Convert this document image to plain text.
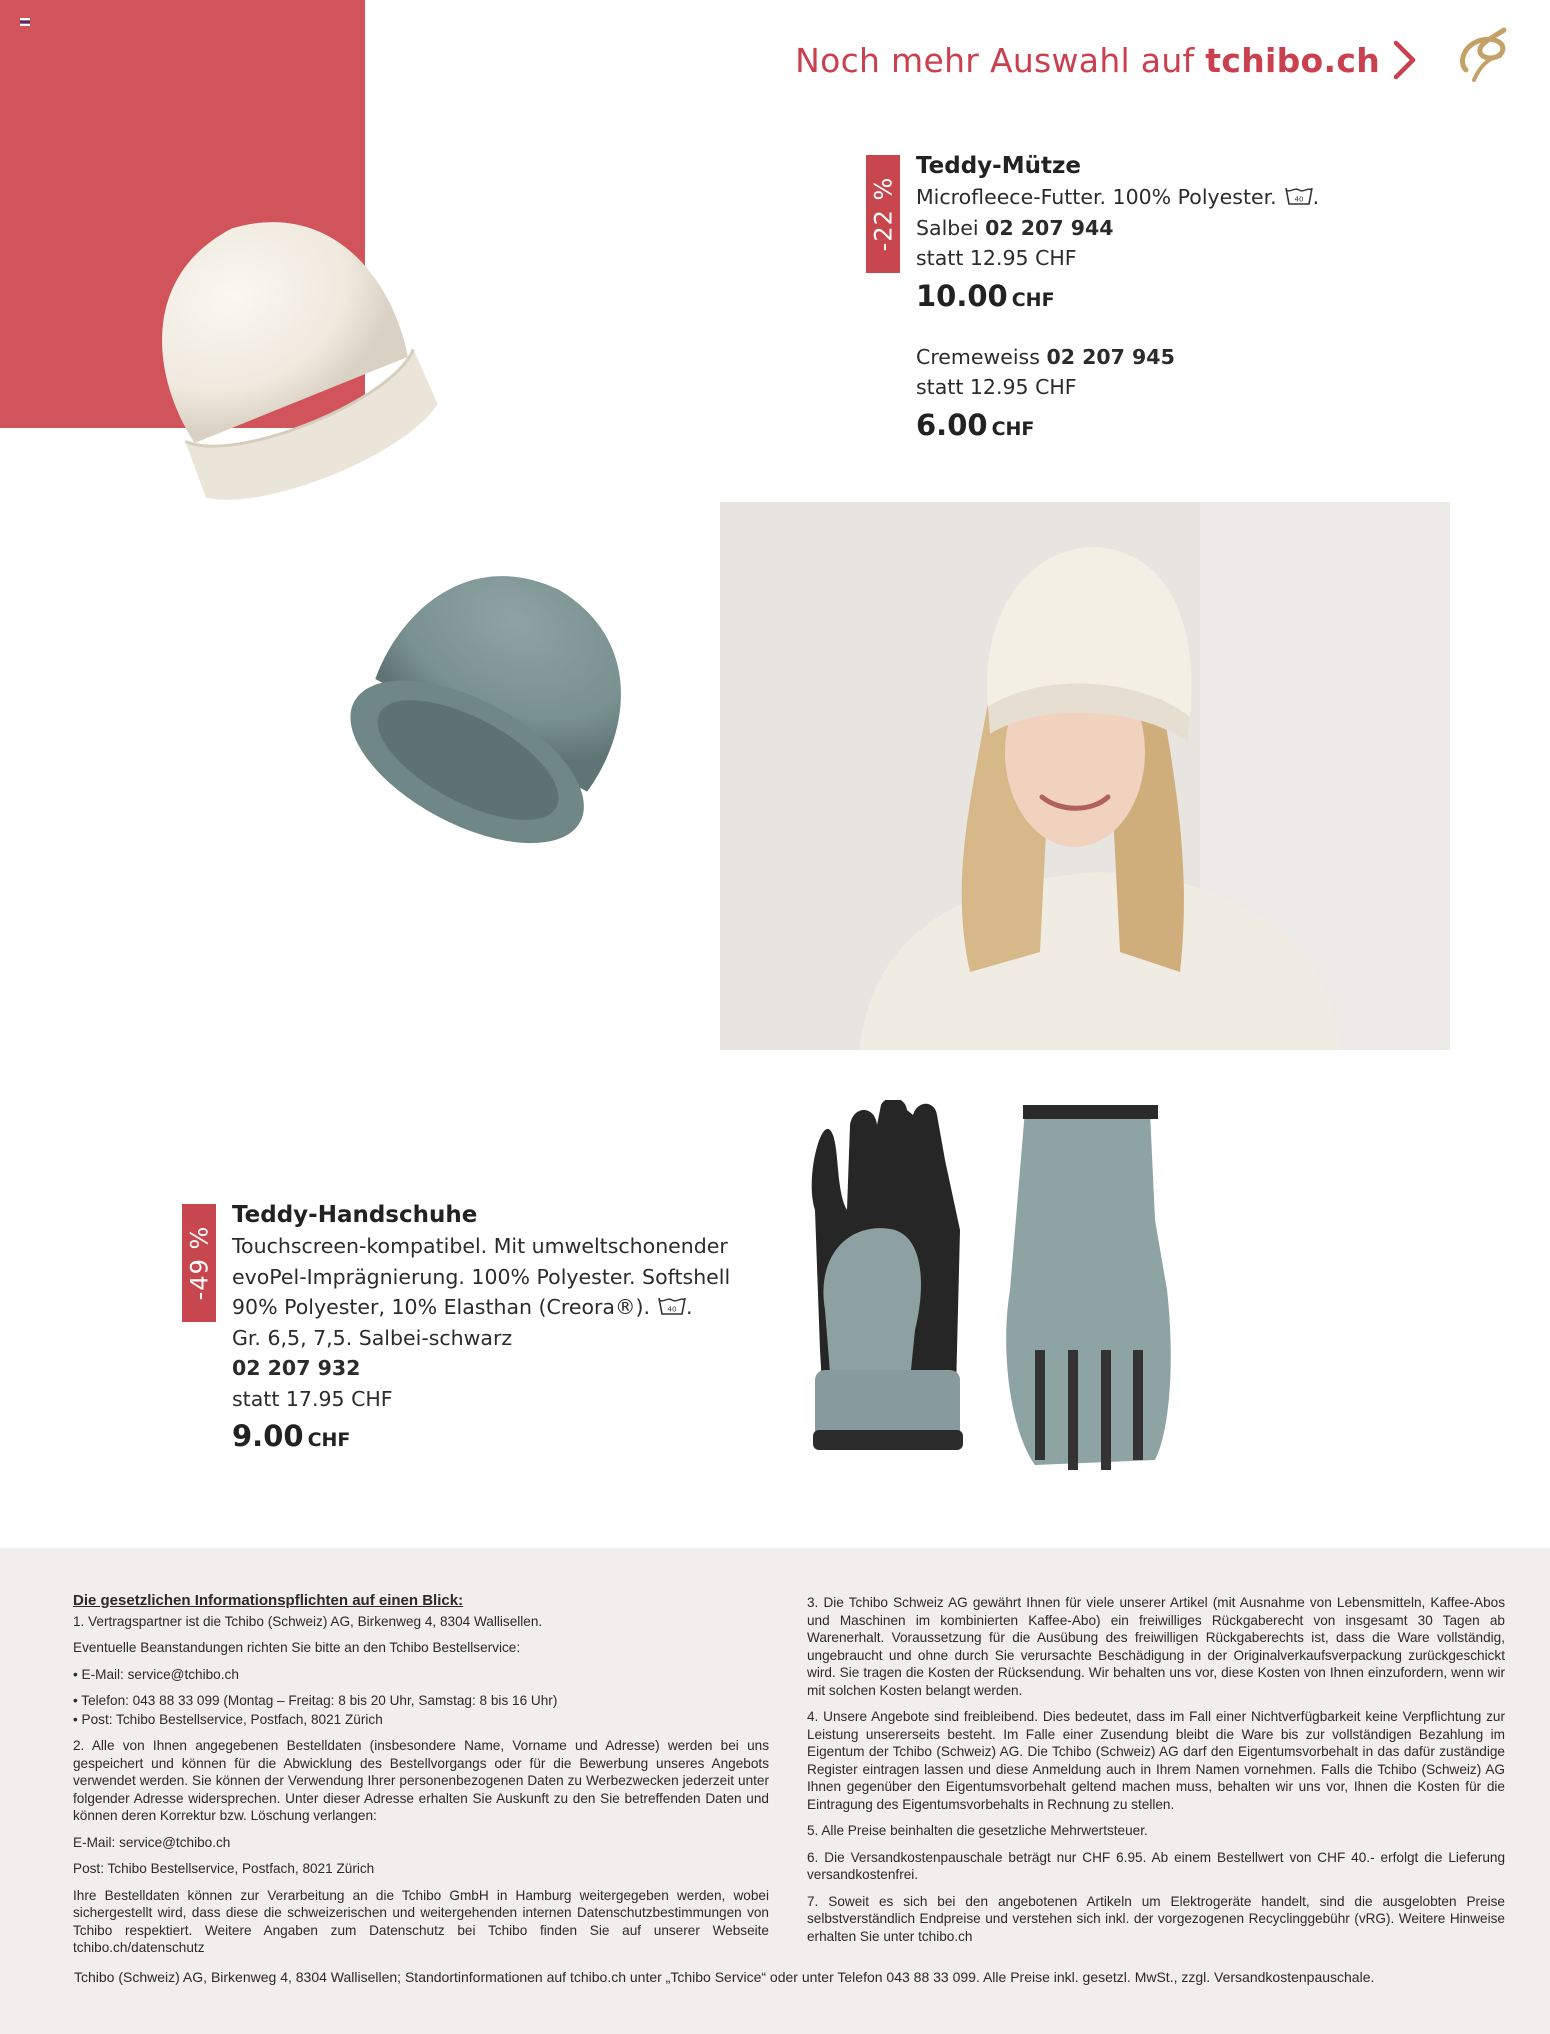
Noch mehr Auswahl auf tchibo.ch
-22 %
Teddy-Mütze
Microfleece-Futter. 100% Polyester.	40 .
Salbei 02 207 944
statt 12.95 CHF
10.00 CHF
Cremeweiss 02 207 945
statt 12.95 CHF
6.00 CHF
-49 %
Teddy-Handschuhe
Touchscreen-kompatibel. Mit umweltschonender
evoPel-Imprägnierung. 100% Polyester. Softshell
90% Polyester, 10% Elasthan (Creora®).	40 .
Gr. 6,5, 7,5. Salbei-schwarz
02 207 932
statt 17.95 CHF
9.00 CHF
Die gesetzlichen Informationspflichten auf einen Blick:

1. Vertragspartner ist die Tchibo (Schweiz) AG, Birkenweg 4, 8304 Wallisellen.

Eventuelle Beanstandungen richten Sie bitte an den Tchibo Bestellservice:

• E-Mail: service@tchibo.ch

• Telefon: 043 88 33 099 (Montag – Freitag: 8 bis 20 Uhr, Samstag: 8 bis 16 Uhr)

• Post: Tchibo Bestellservice, Postfach, 8021 Zürich

2. Alle von Ihnen angegebenen Bestelldaten (insbesondere Name, Vorname und Adresse) werden bei uns gespeichert und können für die Abwicklung des Bestellvorgangs oder für die Bewerbung unseres Angebots verwendet werden. Sie können der Verwendung Ihrer personenbezogenen Daten zu Werbezwecken jederzeit unter folgender Adresse widersprechen. Unter dieser Adresse erhalten Sie Auskunft zu den Sie betreffenden Daten und können deren Korrektur bzw. Löschung verlangen:

E-Mail: service@tchibo.ch

Post: Tchibo Bestellservice, Postfach, 8021 Zürich

Ihre Bestelldaten können zur Verarbeitung an die Tchibo GmbH in Hamburg weitergegeben werden, wobei sichergestellt wird, dass diese die schweizerischen und weitergehenden internen Datenschutzbestimmungen von Tchibo respektiert. Weitere Angaben zum Datenschutz bei Tchibo finden Sie auf unserer Webseite tchibo.ch/datenschutz

3. Die Tchibo Schweiz AG gewährt Ihnen für viele unserer Artikel (mit Ausnahme von Lebensmitteln, Kaffee-Abos und Maschinen im kombinierten Kaffee-Abo) ein freiwilliges Rückgaberecht von insgesamt 30 Tagen ab Warenerhalt. Voraussetzung für die Ausübung des freiwilligen Rückgaberechts ist, dass die Ware vollständig, ungebraucht und ohne durch Sie verursachte Beschädigung in der Originalverkaufsverpackung zurückgeschickt wird. Sie tragen die Kosten der Rücksendung. Wir behalten uns vor, diese Kosten von Ihnen einzufordern, wenn wir mit solchen Kosten belangt werden.

4. Unsere Angebote sind freibleibend. Dies bedeutet, dass im Fall einer Nichtverfügbarkeit keine Verpflichtung zur Leistung unsererseits besteht. Im Falle einer Zusendung bleibt die Ware bis zur vollständigen Bezahlung im Eigentum der Tchibo (Schweiz) AG. Die Tchibo (Schweiz) AG darf den Eigentumsvorbehalt in das dafür zuständige Register eintragen lassen und diese Anmeldung auch in Ihrem Namen vornehmen. Falls die Tchibo (Schweiz) AG Ihnen gegenüber den Eigentumsvorbehalt geltend machen muss, behalten wir uns vor, Ihnen die Kosten für die Eintragung des Eigentumsvorbehalts in Rechnung zu stellen.

5. Alle Preise beinhalten die gesetzliche Mehrwertsteuer.

6. Die Versandkostenpauschale beträgt nur CHF 6.95. Ab einem Bestellwert von CHF 40.- erfolgt die Lieferung versandkostenfrei.

7. Soweit es sich bei den angebotenen Artikeln um Elektrogeräte handelt, sind die ausgelobten Preise selbstverständlich Endpreise und verstehen sich inkl. der vorgezogenen Recyclinggebühr (vRG). Weitere Hinweise erhalten Sie unter tchibo.ch

Tchibo (Schweiz) AG, Birkenweg 4, 8304 Wallisellen; Standortinformationen auf tchibo.ch unter „Tchibo Service“ oder unter Telefon 043 88 33 099. Alle Preise inkl. gesetzl. MwSt., zzgl. Versandkostenpauschale.
